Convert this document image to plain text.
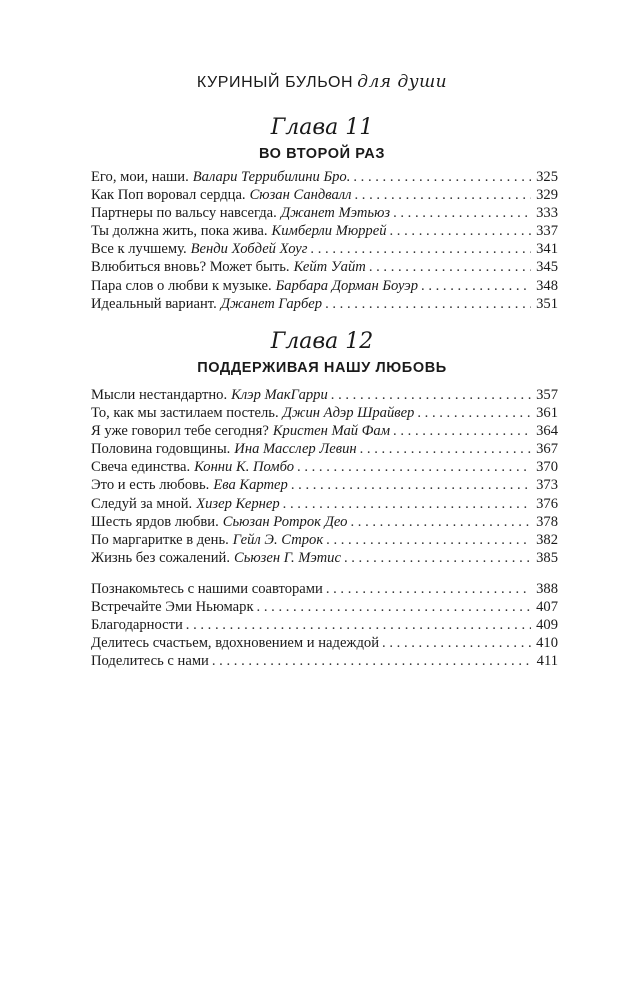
КУРИНЫЙ БУЛЬОН для души
Глава 11
ВО ВТОРОЙ РАЗ
Его, мои, наши. Валари Террибилини Бро. . . .	325
Как Поп воровал сердца. Сюзан Сандвалл . . .	329
Партнеры по вальсу навсегда. Джанет Мэтьюз . . .	333
Ты должна жить, пока жива. Кимберли Мюррей . . .	337
Все к лучшему. Венди Хобдей Хоуг . . .	341
Влюбиться вновь? Может быть. Кейт Уайт . . .	345
Пара слов о любви к музыке. Барбара Дорман Боуэр . . .	348
Идеальный вариант. Джанет Гарбер . . .	351
Глава 12
ПОДДЕРЖИВАЯ НАШУ ЛЮБОВЬ
Мысли нестандартно. Клэр МакГарри . . .	357
То, как мы застилаем постель. Джин Адэр Шрайвер . . .	361
Я уже говорил тебе сегодня? Кристен Май Фам . . .	364
Половина годовщины. Ина Масслер Левин . . .	367
Свеча единства. Конни К. Помбо . . .	370
Это и есть любовь. Ева Картер . . .	373
Следуй за мной. Хизер Кернер . . .	376
Шесть ярдов любви. Сьюзан Ротрок Део . . .	378
По маргаритке в день. Гейл Э. Строк . . .	382
Жизнь без сожалений. Сьюзен Г. Мэтис . . .	385
Познакомьтесь с нашими соавторами . . .	388
Встречайте Эми Ньюмарк . . .	407
Благодарности . . .	409
Делитесь счастьем, вдохновением и надеждой . . .	410
Поделитесь с нами . . .	411
